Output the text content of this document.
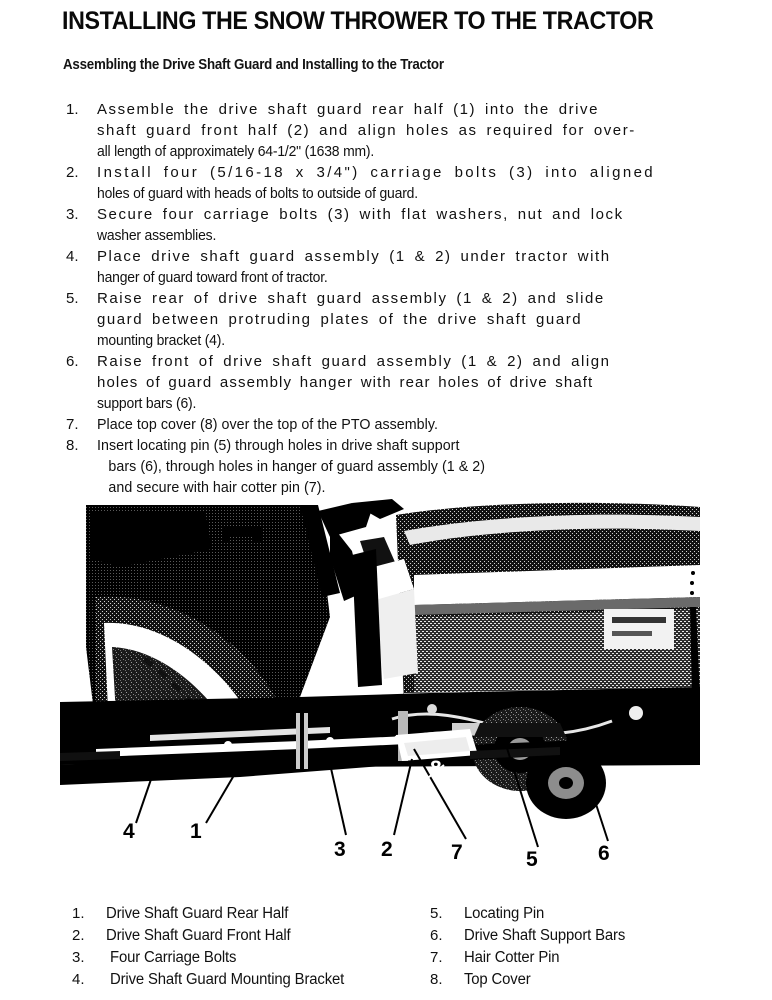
INSTALLING THE SNOW THROWER TO THE TRACTOR
Assembling the Drive Shaft Guard and Installing to the Tractor
1.	Assemble the drive shaft guard rear half (1) into the drive
shaft guard front half (2) and align holes as required for over-
all length of approximately 64-1/2" (1638 mm).
2.	Install four (5/16-18 x 3/4") carriage bolts (3) into aligned
holes of guard with heads of bolts to outside of guard.
3.	Secure four carriage bolts (3) with flat washers, nut and lock
washer assemblies.
4.	Place drive shaft guard assembly (1 & 2) under tractor with
hanger of guard toward front of tractor.
5.	Raise rear of drive shaft guard assembly (1 & 2) and slide
guard between protruding plates of the drive shaft guard
mounting bracket (4).
6.	Raise front of drive shaft guard assembly (1 & 2) and align
holes of guard assembly hanger with rear holes of drive shaft
support bars (6).
7.	Place top cover (8) over the top of the PTO assembly.
8.	Insert locating pin (5) through holes in drive shaft support
bars (6), through holes in hanger of guard assembly (1 & 2)
and secure with hair cotter pin (7).
4	1
3 2
8
7	5	6
1.	Drive Shaft Guard Rear Half
2.	Drive Shaft Guard Front Half
3.	Four Carriage Bolts
4.	Drive Shaft Guard Mounting Bracket
5.	Locating Pin
6.	Drive Shaft Support Bars
7.	Hair Cotter Pin
8.	Top Cover
